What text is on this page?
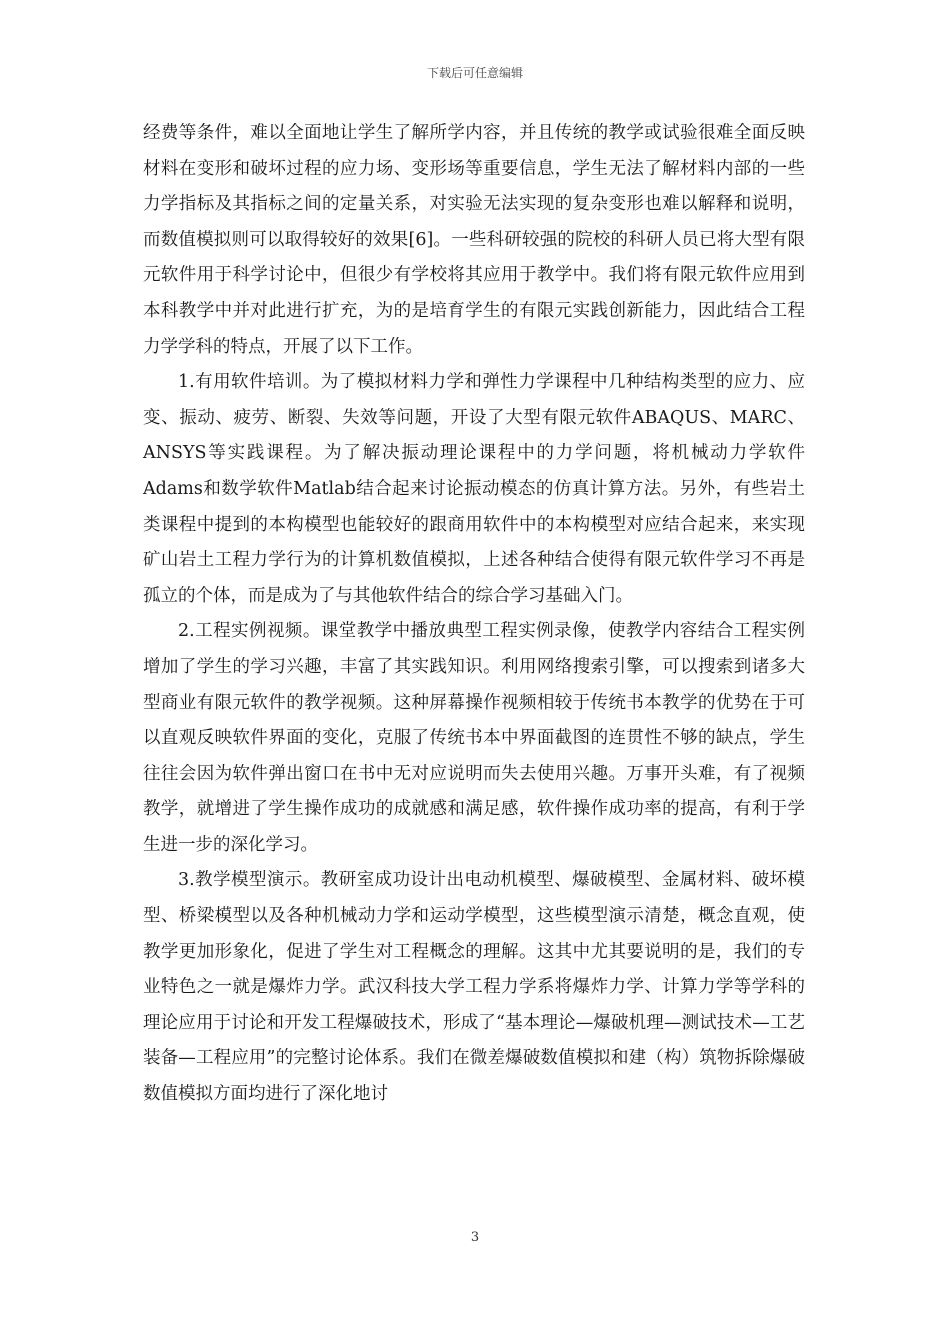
下载后可任意编辑

经费等条件，难以全面地让学生了解所学内容，并且传统的教学或试验很难全面反映材料在变形和破坏过程的应力场、变形场等重要信息，学生无法了解材料内部的一些力学指标及其指标之间的定量关系，对实验无法实现的复杂变形也难以解释和说明，而数值模拟则可以取得较好的效果[6]。一些科研较强的院校的科研人员已将大型有限元软件用于科学讨论中，但很少有学校将其应用于教学中。我们将有限元软件应用到本科教学中并对此进行扩充，为的是培育学生的有限元实践创新能力，因此结合工程力学学科的特点，开展了以下工作。

1.有用软件培训。为了模拟材料力学和弹性力学课程中几种结构类型的应力、应变、振动、疲劳、断裂、失效等问题，开设了大型有限元软件ABAQUS、MARC、ANSYS等实践课程。为了解决振动理论课程中的力学问题，将机械动力学软件Adams和数学软件Matlab结合起来讨论振动模态的仿真计算方法。另外，有些岩土类课程中提到的本构模型也能较好的跟商用软件中的本构模型对应结合起来，来实现矿山岩土工程力学行为的计算机数值模拟，上述各种结合使得有限元软件学习不再是孤立的个体，而是成为了与其他软件结合的综合学习基础入门。

2.工程实例视频。课堂教学中播放典型工程实例录像，使教学内容结合工程实例增加了学生的学习兴趣，丰富了其实践知识。利用网络搜索引擎，可以搜索到诸多大型商业有限元软件的教学视频。这种屏幕操作视频相较于传统书本教学的优势在于可以直观反映软件界面的变化，克服了传统书本中界面截图的连贯性不够的缺点，学生往往会因为软件弹出窗口在书中无对应说明而失去使用兴趣。万事开头难，有了视频教学，就增进了学生操作成功的成就感和满足感，软件操作成功率的提高，有利于学生进一步的深化学习。

3.教学模型演示。教研室成功设计出电动机模型、爆破模型、金属材料、破坏模型、桥梁模型以及各种机械动力学和运动学模型，这些模型演示清楚，概念直观，使教学更加形象化，促进了学生对工程概念的理解。这其中尤其要说明的是，我们的专业特色之一就是爆炸力学。武汉科技大学工程力学系将爆炸力学、计算力学等学科的理论应用于讨论和开发工程爆破技术，形成了“基本理论—爆破机理—测试技术—工艺装备—工程应用”的完整讨论体系。我们在微差爆破数值模拟和建（构）筑物拆除爆破数值模拟方面均进行了深化地讨

3
